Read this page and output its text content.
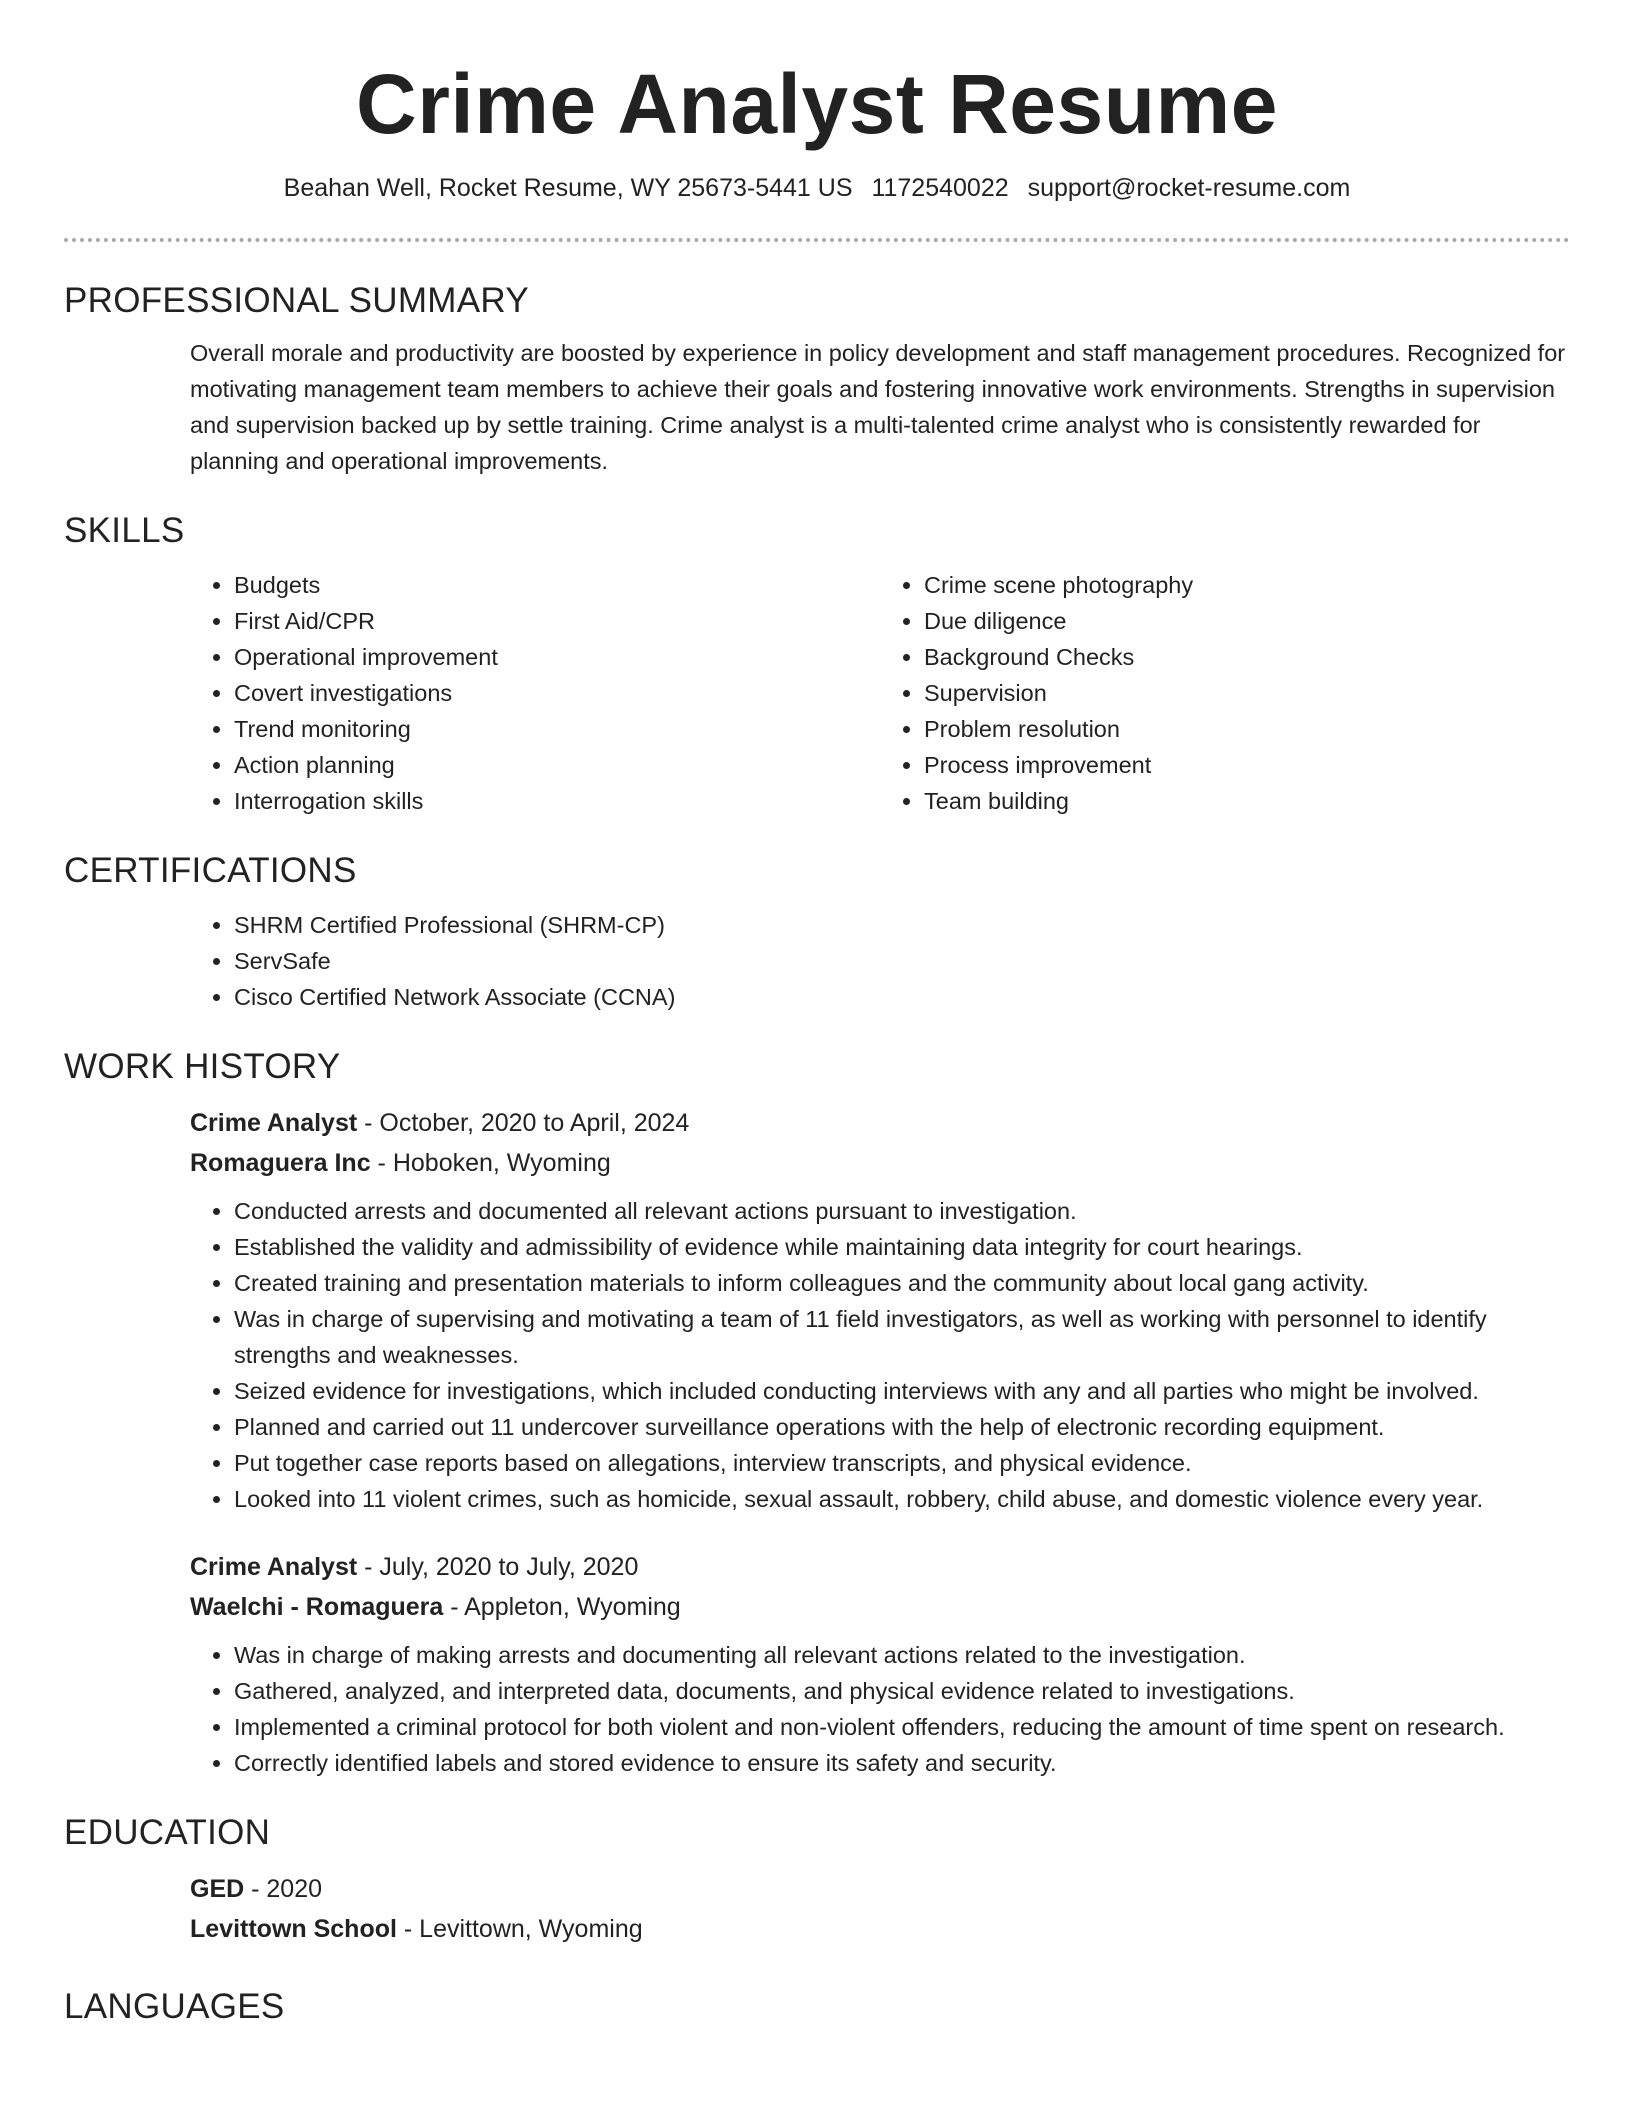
Crime Analyst Resume
Beahan Well, Rocket Resume, WY 25673-5441 US 1172540022 support@rocket-resume.com
PROFESSIONAL SUMMARY

Overall morale and productivity are boosted by experience in policy development and staff management procedures. Recognized for motivating management team members to achieve their goals and fostering innovative work environments. Strengths in supervision and supervision backed up by settle training. Crime analyst is a multi-talented crime analyst who is consistently rewarded for planning and operational improvements.

SKILLS
• Budgets
• First Aid/CPR
• Operational improvement
• Covert investigations
• Trend monitoring
• Action planning
• Interrogation skills
• Crime scene photography
• Due diligence
• Background Checks
• Supervision
• Problem resolution
• Process improvement
• Team building
CERTIFICATIONS
• SHRM Certified Professional (SHRM-CP)
• ServSafe
• Cisco Certified Network Associate (CCNA)
WORK HISTORY
Crime Analyst - October, 2020 to April, 2024
Romaguera Inc - Hoboken, Wyoming
• Conducted arrests and documented all relevant actions pursuant to investigation.
• Established the validity and admissibility of evidence while maintaining data integrity for court hearings.
• Created training and presentation materials to inform colleagues and the community about local gang activity.
• Was in charge of supervising and motivating a team of 11 field investigators, as well as working with personnel to identify strengths and weaknesses.
• Seized evidence for investigations, which included conducting interviews with any and all parties who might be involved.
• Planned and carried out 11 undercover surveillance operations with the help of electronic recording equipment.
• Put together case reports based on allegations, interview transcripts, and physical evidence.
• Looked into 11 violent crimes, such as homicide, sexual assault, robbery, child abuse, and domestic violence every year.
Crime Analyst - July, 2020 to July, 2020
Waelchi - Romaguera - Appleton, Wyoming
• Was in charge of making arrests and documenting all relevant actions related to the investigation.
• Gathered, analyzed, and interpreted data, documents, and physical evidence related to investigations.
• Implemented a criminal protocol for both violent and non-violent offenders, reducing the amount of time spent on research.
• Correctly identified labels and stored evidence to ensure its safety and security.
EDUCATION
GED - 2020
Levittown School - Levittown, Wyoming
LANGUAGES
